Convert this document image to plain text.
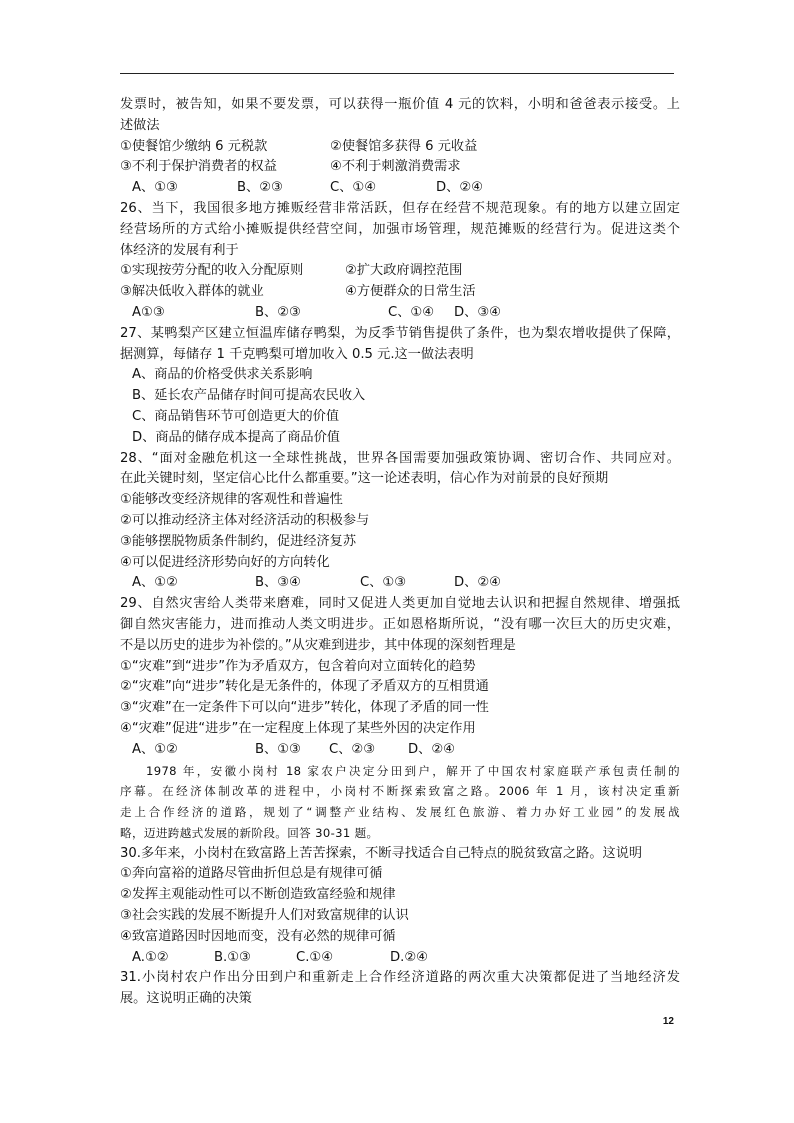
发票时，被告知，如果不要发票，可以获得一瓶价值 4 元的饮料，小明和爸爸表示接受。上
述做法
①使餐馆少缴纳 6 元税款	②使餐馆多获得 6 元收益
③不利于保护消费者的权益	④不利于刺激消费需求
A、①③	B、②③	C、①④	D、②④
26、当下，我国很多地方摊贩经营非常活跃，但存在经营不规范现象。有的地方以建立固定
经营场所的方式给小摊贩提供经营空间，加强市场管理，规范摊贩的经营行为。促进这类个
体经济的发展有利于
①实现按劳分配的收入分配原则	②扩大政府调控范围
③解决低收入群体的就业	④方便群众的日常生活
A①③	B、②③	C、①④	D、③④
27、某鸭梨产区建立恒温库储存鸭梨，为反季节销售提供了条件，也为梨农增收提供了保障，
据测算，每储存 1 千克鸭梨可增加收入 0.5 元.这一做法表明
A、商品的价格受供求关系影响
B、延长农产品储存时间可提高农民收入
C、商品销售环节可创造更大的价值
D、商品的储存成本提高了商品价值
28、“面对金融危机这一全球性挑战，世界各国需要加强政策协调、密切合作、共同应对。
在此关键时刻，坚定信心比什么都重要。”这一论述表明，信心作为对前景的良好预期
①能够改变经济规律的客观性和普遍性
②可以推动经济主体对经济活动的积极参与
③能够摆脱物质条件制约，促进经济复苏
④可以促进经济形势向好的方向转化
A、①②	B、③④	C、①③	D、②④
29、自然灾害给人类带来磨难，同时又促进人类更加自觉地去认识和把握自然规律、增强抵
御自然灾害能力，进而推动人类文明进步。正如恩格斯所说，“没有哪一次巨大的历史灾难，
不是以历史的进步为补偿的。”从灾难到进步，其中体现的深刻哲理是
①“灾难”到“进步”作为矛盾双方，包含着向对立面转化的趋势
②“灾难”向“进步”转化是无条件的，体现了矛盾双方的互相贯通
③“灾难”在一定条件下可以向“进步”转化，体现了矛盾的同一性
④“灾难”促进“进步”在一定程度上体现了某些外因的决定作用
A、①②	B、①③	C、②③	D、②④
1978 年，安徽小岗村 18 家农户决定分田到户，解开了中国农村家庭联产承包责任制的
序幕。在经济体制改革的进程中，小岗村不断探索致富之路。2006 年 1 月，该村决定重新
走上合作经济的道路，规划了“调整产业结构、发展红色旅游、着力办好工业园”的发展战
略，迈进跨越式发展的新阶段。回答 30-31 题。
30.多年来，小岗村在致富路上苦苦探索，不断寻找适合自己特点的脱贫致富之路。这说明
①奔向富裕的道路尽管曲折但总是有规律可循
②发挥主观能动性可以不断创造致富经验和规律
③社会实践的发展不断提升人们对致富规律的认识
④致富道路因时因地而变，没有必然的规律可循
A.①②	B.①③	C.①④	D.②④
31.小岗村农户作出分田到户和重新走上合作经济道路的两次重大决策都促进了当地经济发
展。这说明正确的决策
12
